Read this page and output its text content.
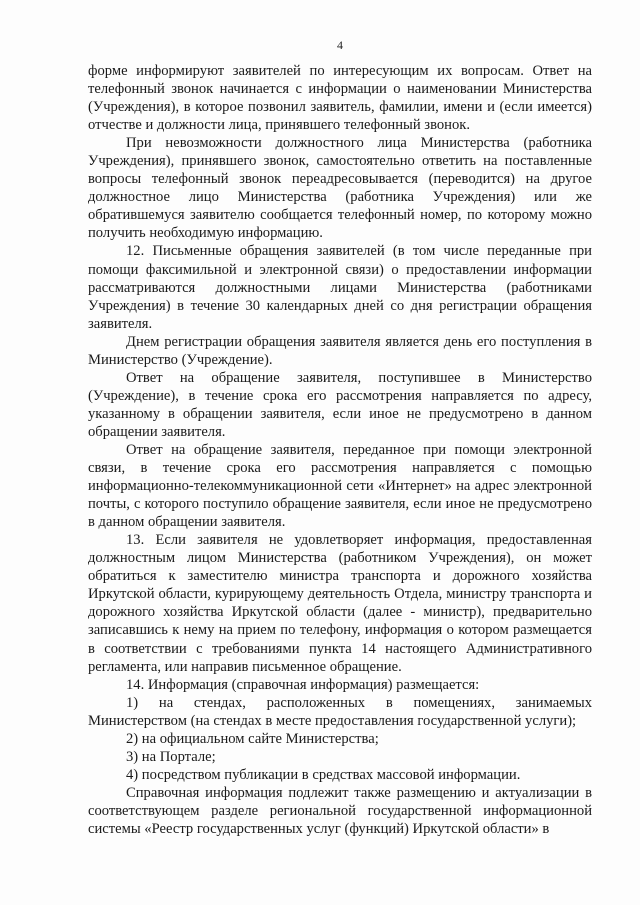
4

форме информируют заявителей по интересующим их вопросам. Ответ на телефонный звонок начинается с информации о наименовании Министерства (Учреждения), в которое позвонил заявитель, фамилии, имени и (если имеется) отчестве и должности лица, принявшего телефонный звонок.

При невозможности должностного лица Министерства (работника Учреждения), принявшего звонок, самостоятельно ответить на поставленные вопросы телефонный звонок переадресовывается (переводится) на другое должностное лицо Министерства (работника Учреждения) или же обратившемуся заявителю сообщается телефонный номер, по которому можно получить необходимую информацию.

12. Письменные обращения заявителей (в том числе переданные при помощи факсимильной и электронной связи) о предоставлении информации рассматриваются должностными лицами Министерства (работниками Учреждения) в течение 30 календарных дней со дня регистрации обращения заявителя.

Днем регистрации обращения заявителя является день его поступления в Министерство (Учреждение).

Ответ на обращение заявителя, поступившее в Министерство (Учреждение), в течение срока его рассмотрения направляется по адресу, указанному в обращении заявителя, если иное не предусмотрено в данном обращении заявителя.

Ответ на обращение заявителя, переданное при помощи электронной связи, в течение срока его рассмотрения направляется с помощью информационно-телекоммуникационной сети «Интернет» на адрес электронной почты, с которого поступило обращение заявителя, если иное не предусмотрено в данном обращении заявителя.

13. Если заявителя не удовлетворяет информация, предоставленная должностным лицом Министерства (работником Учреждения), он может обратиться к заместителю министра транспорта и дорожного хозяйства Иркутской области, курирующему деятельность Отдела, министру транспорта и дорожного хозяйства Иркутской области (далее - министр), предварительно записавшись к нему на прием по телефону, информация о котором размещается в соответствии с требованиями пункта 14 настоящего Административного регламента, или направив письменное обращение.

14. Информация (справочная информация) размещается:

1) на стендах, расположенных в помещениях, занимаемых Министерством (на стендах в месте предоставления государственной услуги);

2) на официальном сайте Министерства;

3) на Портале;

4) посредством публикации в средствах массовой информации.

Справочная информация подлежит также размещению и актуализации в соответствующем разделе региональной государственной информационной системы «Реестр государственных услуг (функций) Иркутской области» в
